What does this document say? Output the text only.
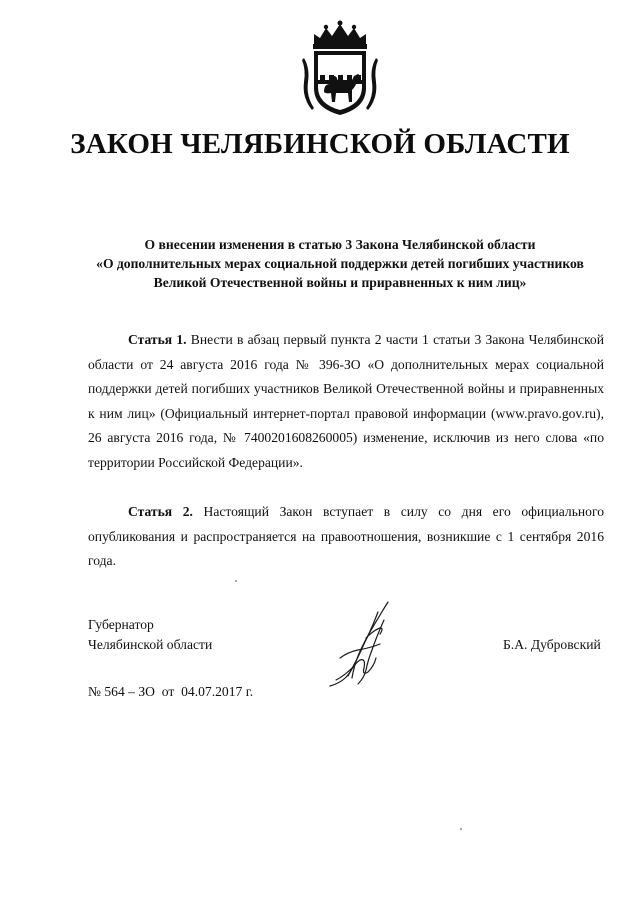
ЗАКОН ЧЕЛЯБИНСКОЙ ОБЛАСТИ
О внесении изменения в статью 3 Закона Челябинской области
«О дополнительных мерах социальной поддержки детей погибших участников
Великой Отечественной войны и приравненных к ним лиц»
Статья 1. Внести в абзац первый пункта 2 части 1 статьи 3 Закона Челябинской области от 24 августа 2016 года № 396-ЗО «О дополнительных мерах социальной поддержки детей погибших участников Великой Отечественной войны и приравненных к ним лиц» (Официальный интернет-портал правовой информации (www.pravo.gov.ru), 26 августа 2016 года, № 7400201608260005) изменение, исключив из него слова «по территории Российской Федерации».
Статья 2. Настоящий Закон вступает в силу со дня его официального опубликования и распространяется на правоотношения, возникшие с 1 сентября 2016 года.
Губернатор
Челябинской области	Б.А. Дубровский
№ 564 – ЗО  от  04.07.2017 г.
